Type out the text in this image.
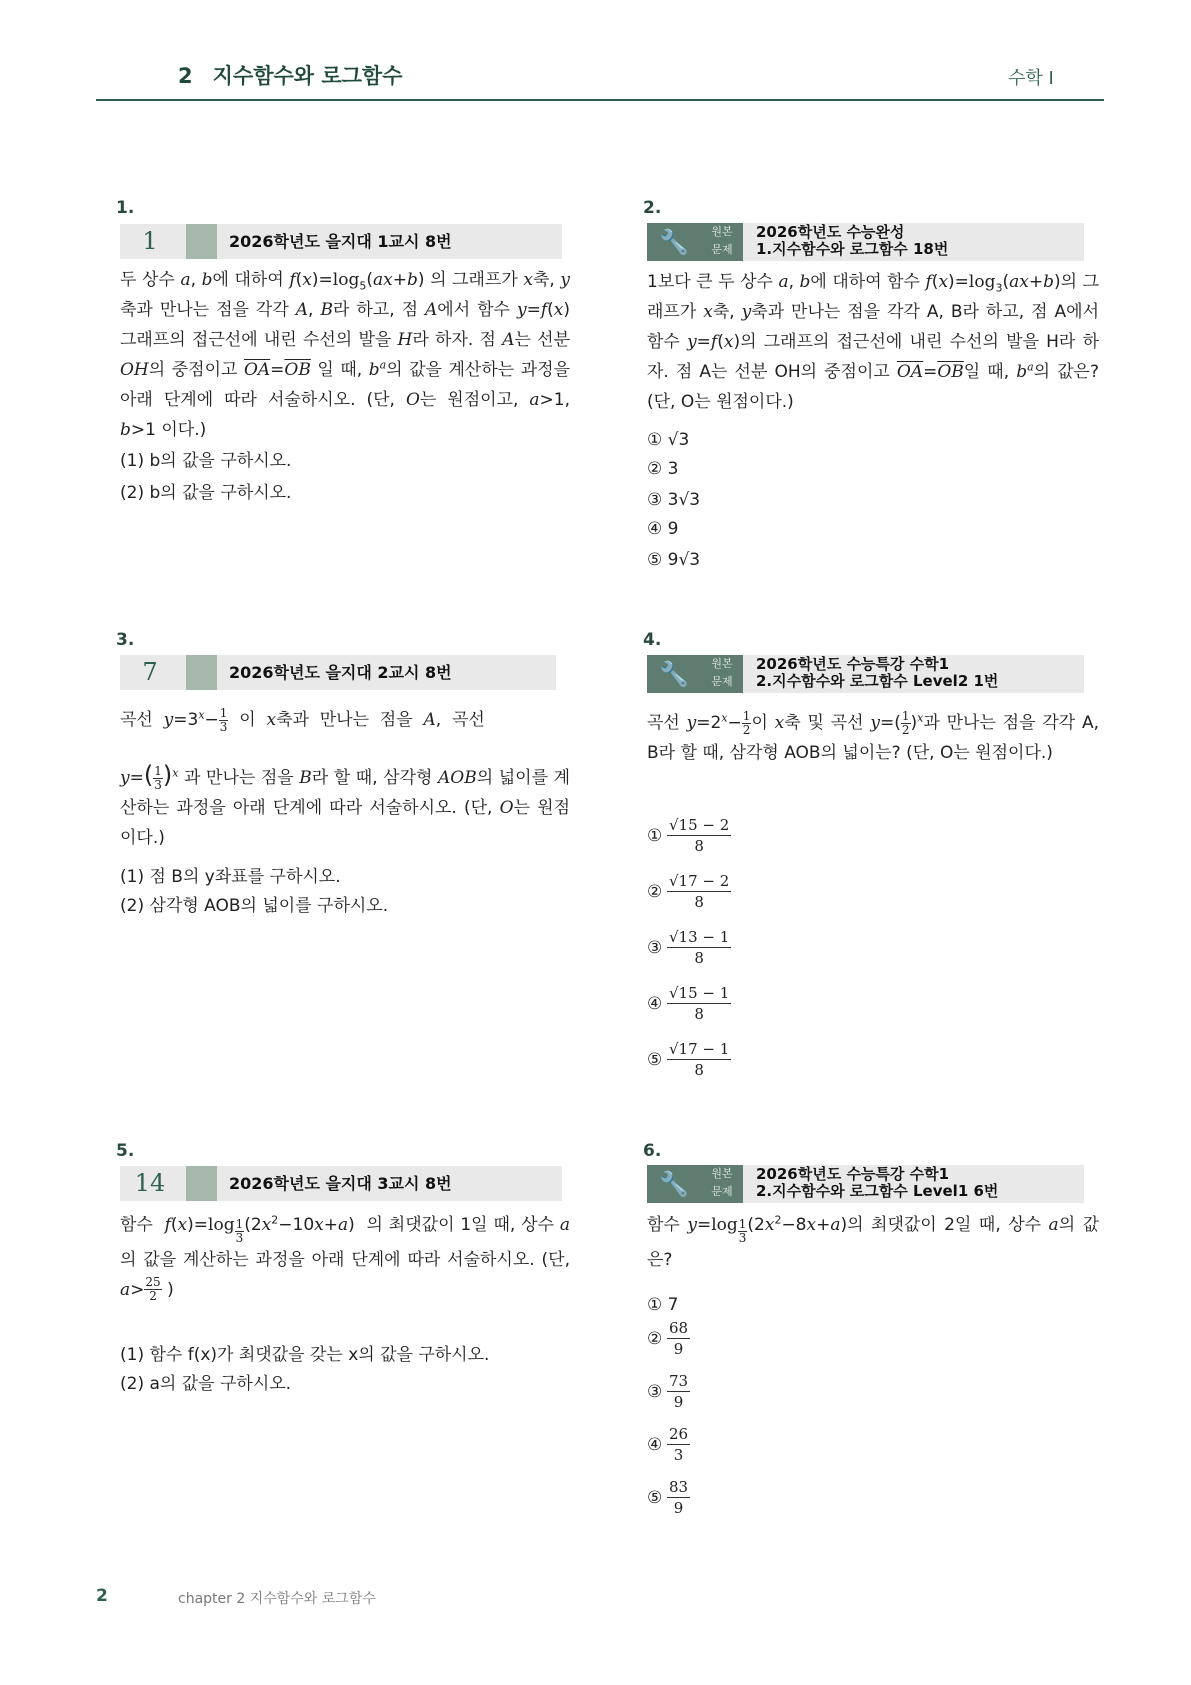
2 지수함수와 로그함수	수학 I
1.
1	2026학년도 을지대 1교시 8번
두 상수 a, b에 대하여 $f(x)=\log_5(ax+b)$ 의 그래프가 x축, y축과 만나는 점을 각각 A, B라 하고, 점 A에서 함수 y=f(x) 그래프의 접근선에 내린 수선의 발을 H라 하자. 점 A는 선분 OH의 중점이고 $\overline{OA}=\overline{OB}$ 일 때, $b^a$의 값을 계산하는 과정을 아래 단계에 따라 서술하시오. (단, O는 원점이고, a>1, b>1 이다.)
(1) b의 값을 구하시오.
(2) b의 값을 구하시오.
2.
🔧	원본
문제
2026학년도 수능완성
1.지수함수와 로그함수 18번
1보다 큰 두 상수 a, b에 대하여 함수 $f(x)=\log_3(ax+b)$의 그래프가 x축, y축과 만나는 점을 각각 A, B라 하고, 점 A에서 함수 y=f(x)의 그래프의 접근선에 내린 수선의 발을 H라 하자. 점 A는 선분 OH의 중점이고 $\overline{OA}=\overline{OB}$일 때, $b^a$의 값은? (단, O는 원점이다.)
① √3
② 3
③ 3√3
④ 9
⑤ 9√3
3.
7	2026학년도 을지대 2교시 8번
곡선  $y=3^x- \frac{1}{3}$  이  x축과  만나는  점을  A,  곡선
$y=( \frac{1}{3})^x$ 과 만나는 점을 B라 할 때, 삼각형 AOB의 넓이를 계산하는 과정을 아래 단계에 따라 서술하시오. (단, O는 원점이다.)
(1) 점 B의 y좌표를 구하시오.
(2) 삼각형 AOB의 넓이를 구하시오.
4.
🔧	원본
문제
2026학년도 수능특강 수학1
2.지수함수와 로그함수 Level2 1번
곡선 $y=2^x- \frac{1}{2}$이 x축 및 곡선 $y=( \frac{1}{2})^x$과 만나는 점을 각각 A, B라 할 때, 삼각형 AOB의 넓이는? (단, O는 원점이다.)
① $\frac{√15 - 2}{8}$
② $\frac{√17 - 2}{8}$
③ $\frac{√13 - 1}{8}$
④ $\frac{√15 - 1}{8}$
⑤ $\frac{√17 - 1}{8}$
5.
14	2026학년도 을지대 3교시 8번
함수  f(x)=log $_{\frac{1}{3}}(2x^2-10x+a)$  의 최댓값이 1일 때, 상수 a의 값을 계산하는 과정을 아래 단계에 따라 서술하시오. (단, $a> \frac{25}{2}$ )
(1) 함수 f(x)가 최댓값을 갖는 x의 값을 구하시오.
(2) a의 값을 구하시오.
6.
🔧	원본
문제
2026학년도 수능특강 수학1
2.지수함수와 로그함수 Level1 6번
함수 y=log $_{\frac{1}{3}}(2x^2-8x+a)$의 최댓값이 2일 때, 상수 a의 값은?
① 7
② $\frac{68}{9}$
③ $\frac{73}{9}$
④ $\frac{26}{3}$
⑤ $\frac{83}{9}$
2	chapter 2 지수함수와 로그함수
